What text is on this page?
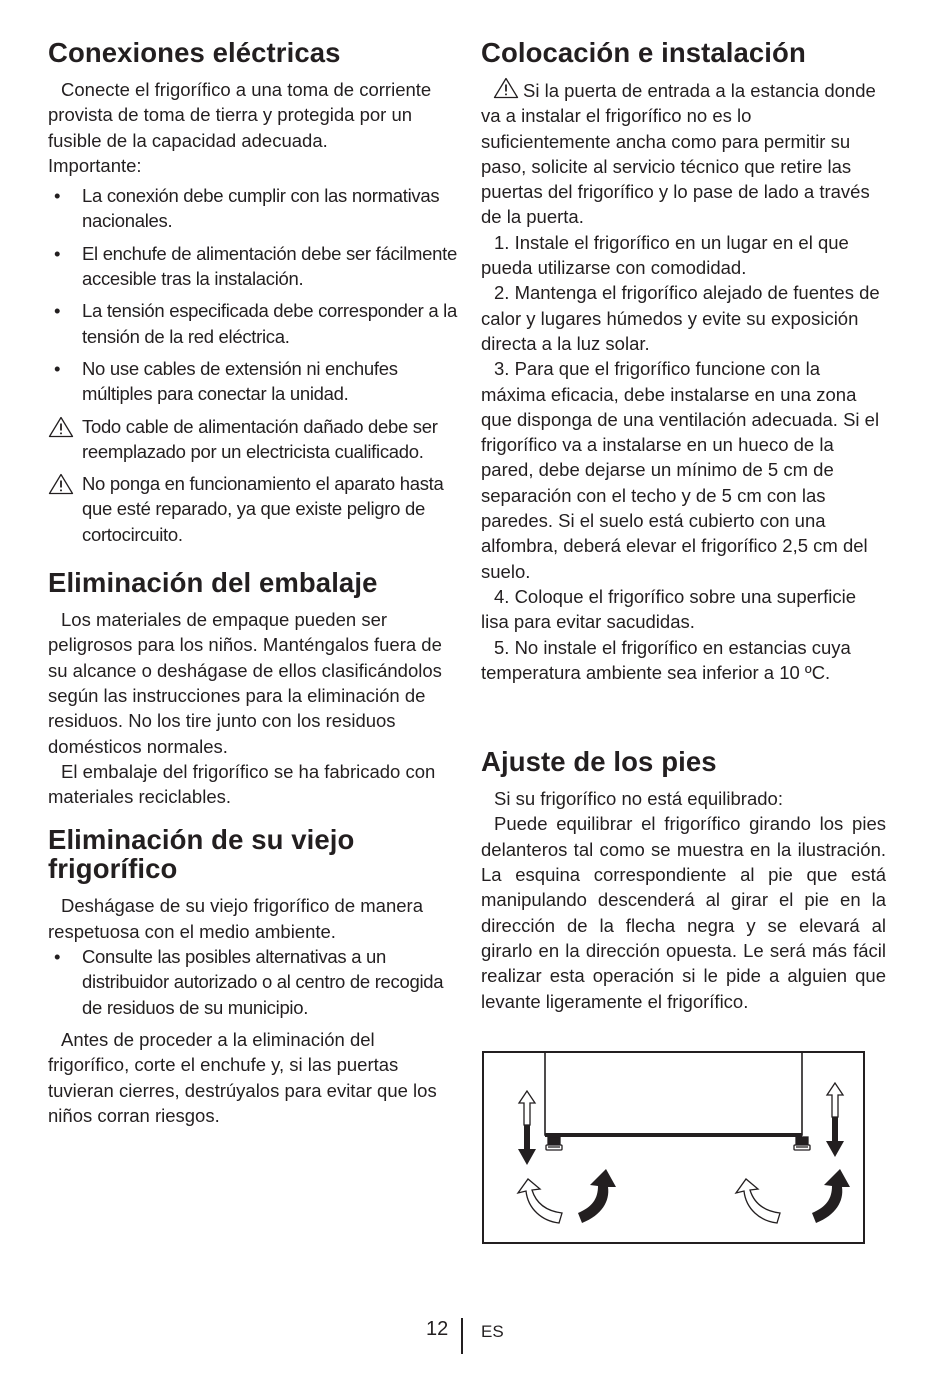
Conexiones eléctricas

Conecte el frigorífico a una toma de corriente provista de toma de tierra y protegida por un fusible de la capacidad adecuada.

Importante:

• La conexión debe cumplir con las normativas nacionales.
• El enchufe de alimentación debe ser fácilmente accesible tras la instalación.
• La tensión especificada debe corresponder a la tensión de la red eléctrica.
• No use cables de extensión ni enchufes múltiples para conectar la unidad.
Todo cable de alimentación dañado debe ser reemplazado por un electricista cualificado.
No ponga en funcionamiento el aparato hasta que esté reparado, ya que existe peligro de cortocircuito.
Eliminación del embalaje

Los materiales de empaque pueden ser peligrosos para los niños. Manténgalos fuera de su alcance o deshágase de ellos clasificándolos según las instrucciones para la eliminación de residuos. No los tire junto con los residuos domésticos normales.

El embalaje del frigorífico se ha fabricado con materiales reciclables.

Eliminación de su viejo frigorífico

Deshágase de su viejo frigorífico de manera respetuosa con el medio ambiente.

• Consulte las posibles alternativas a un distribuidor autorizado o al centro de recogida de residuos de su municipio.

Antes de proceder a la eliminación del frigorífico, corte el enchufe y, si las puertas tuvieran cierres, destrúyalos para evitar que los niños corran riesgos.

Colocación e instalación

Si la puerta de entrada a la estancia donde va a instalar el frigorífico no es lo suficientemente ancha como para permitir su paso, solicite al servicio técnico que retire las puertas del frigorífico y lo pase de lado a través de la puerta.

1. Instale el frigorífico en un lugar en el que pueda utilizarse con comodidad.

2. Mantenga el frigorífico alejado de fuentes de calor y lugares húmedos y evite su exposición directa a la luz solar.

3. Para que el frigorífico funcione con la máxima eficacia, debe instalarse en una zona que disponga de una ventilación adecuada. Si el frigorífico va a instalarse en un hueco de la pared, debe dejarse un mínimo de 5 cm de separación con el techo y de 5 cm con las paredes. Si el suelo está cubierto con una alfombra, deberá elevar el frigorífico 2,5 cm del suelo.

4. Coloque el frigorífico sobre una superficie lisa para evitar sacudidas.

5. No instale el frigorífico en estancias cuya temperatura ambiente sea inferior a 10 ºC.

Ajuste de los pies

Si su frigorífico no está equilibrado:

Puede equilibrar el frigorífico girando los pies delanteros tal como se muestra en la ilustración. La esquina correspondiente al pie que está manipulando descenderá al girar el pie en la dirección de la flecha negra y se elevará al girarlo en la dirección opuesta. Le será más fácil realizar esta operación si le pide a alguien que levante ligeramente el frigorífico.

12 ES
